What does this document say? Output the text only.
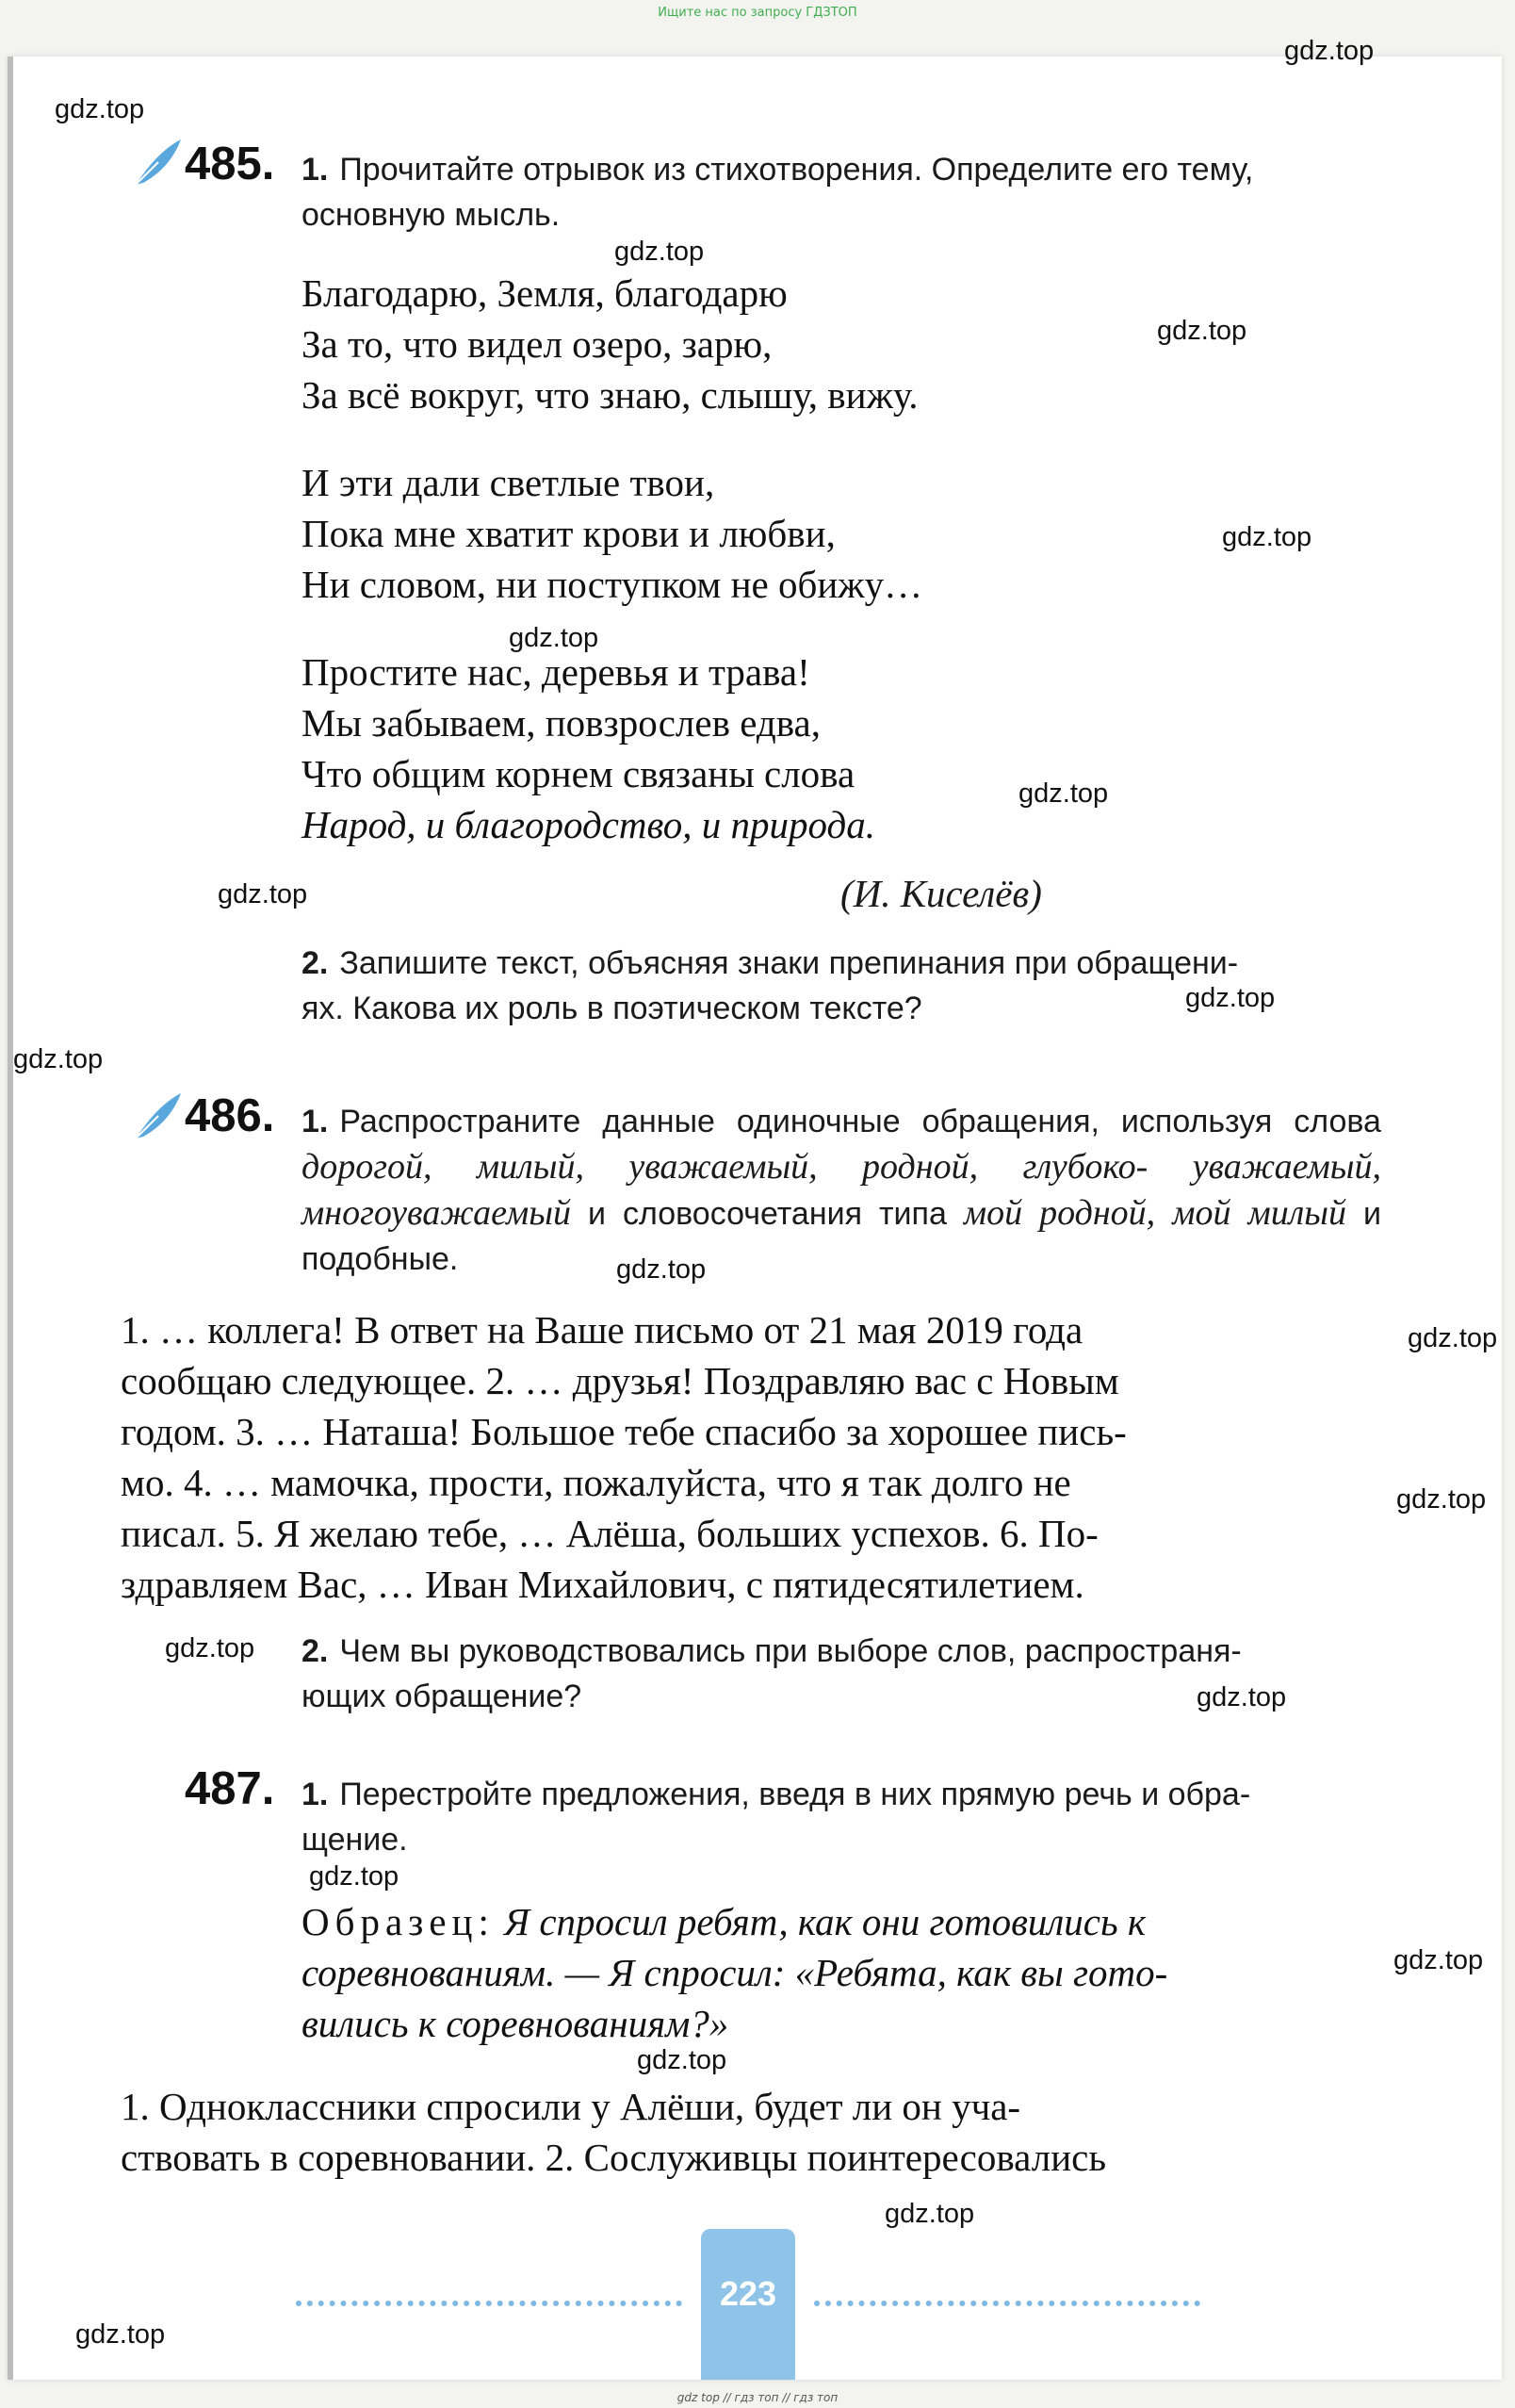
Ищите нас по запросу ГДЗТОП
gdz.top
gdz.top
gdz.top
gdz.top
gdz.top
gdz.top
gdz.top
gdz.top
gdz.top
gdz.top
gdz.top
gdz.top
gdz.top
gdz.top
gdz.top
gdz.top
gdz.top
gdz.top
gdz.top
gdz.top
485. 1. Прочитайте отрывок из стихотворения. Определите его тему,
основную мысль.
Благодарю, Земля, благодарю
За то, что видел озеро, зарю,
За всё вокруг, что знаю, слышу, вижу.
И эти дали светлые твои,
Пока мне хватит крови и любви,
Ни словом, ни поступком не обижу…
Простите нас, деревья и трава!
Мы забываем, повзрослев едва,
Что общим корнем связаны слова
Народ, и благородство, и природа.
(И. Киселёв)
2. Запишите текст, объясняя знаки препинания при обращени-
ях. Какова их роль в поэтическом тексте?
486. 1. Распространите данные одиночные обращения, используя слова дорогой, милый, уважаемый, родной, глубоко- уважаемый, многоуважаемый и словосочетания типа мой родной, мой милый и подобные.
1. … коллега! В ответ на Ваше письмо от 21 мая 2019 года
сообщаю следующее. 2. … друзья! Поздравляю вас с Новым
годом. 3. … Наташа! Большое тебе спасибо за хорошее пись-
мо. 4. … мамочка, прости, пожалуйста, что я так долго не
писал. 5. Я желаю тебе, … Алёша, больших успехов. 6. По-
здравляем Вас, … Иван Михайлович, с пятидесятилетием.
2. Чем вы руководствовались при выборе слов, распространя-
ющих обращение?
487. 1. Перестройте предложения, введя в них прямую речь и обра-
щение.
Образец: Я спросил ребят, как они готовились к
соревнованиям. — Я спросил: «Ребята, как вы гото-
вились к соревнованиям?»
1. Одноклассники спросили у Алёши, будет ли он уча-
ствовать в соревновании. 2. Сослуживцы поинтересовались
223
gdz top // гдз топ // гдз топ
